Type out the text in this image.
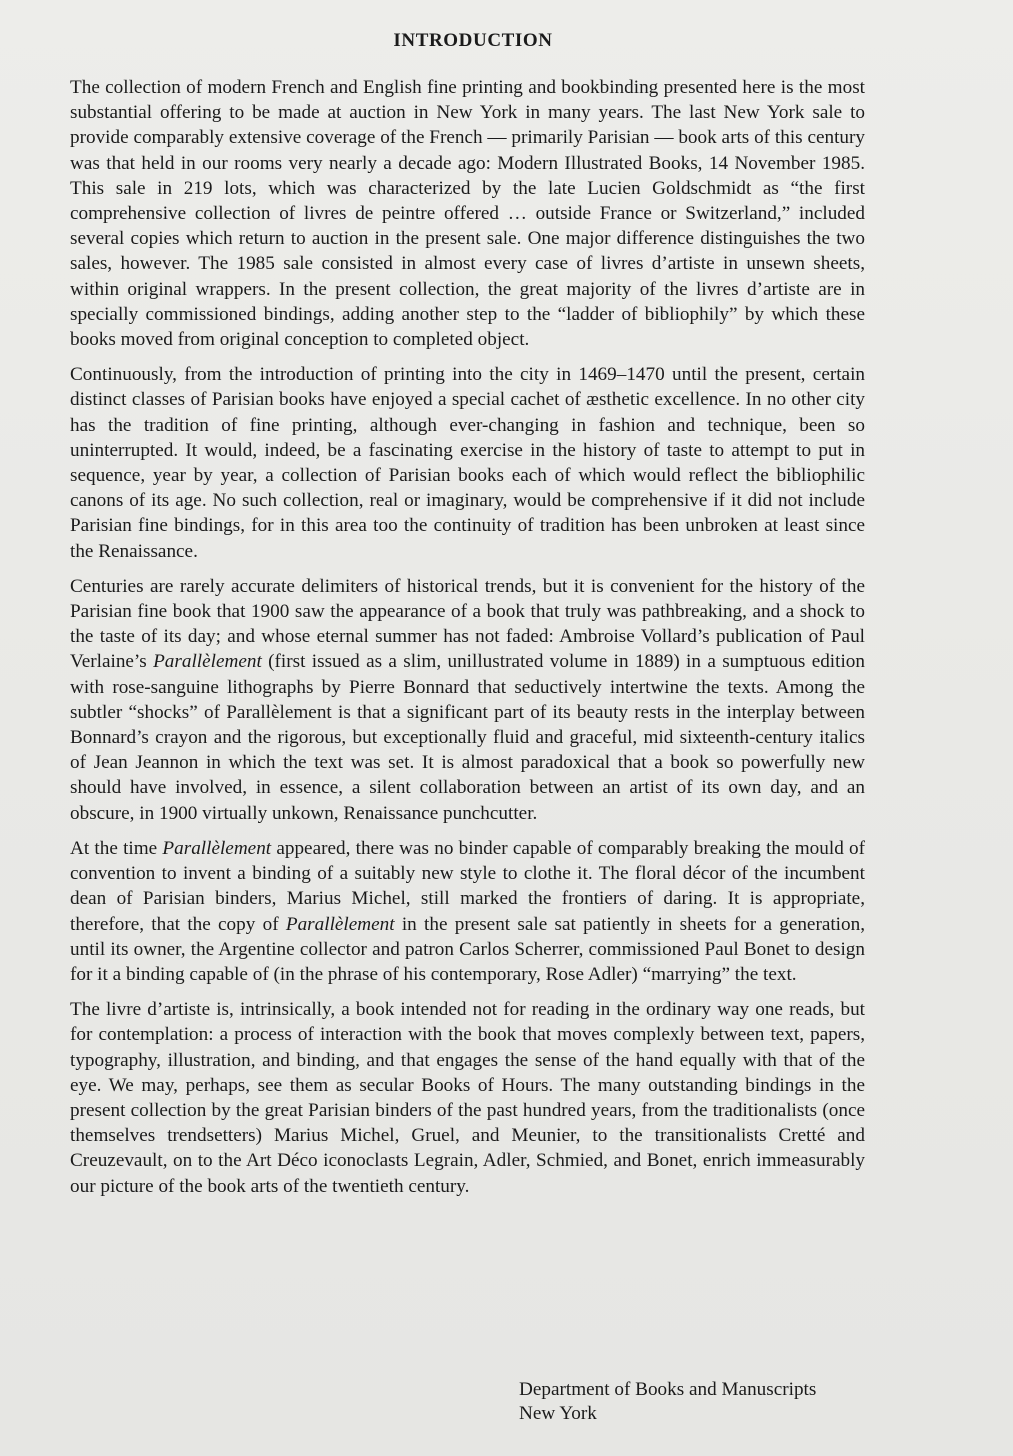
INTRODUCTION

The collection of modern French and English fine printing and bookbinding presented here is the most substantial offering to be made at auction in New York in many years. The last New York sale to provide comparably extensive coverage of the French — primarily Parisian — book arts of this century was that held in our rooms very nearly a decade ago: Modern Illustrated Books, 14 November 1985. This sale in 219 lots, which was characterized by the late Lucien Goldschmidt as “the first comprehensive collection of livres de peintre offered … outside France or Switzerland,” included several copies which return to auction in the present sale. One major difference distinguishes the two sales, however. The 1985 sale consisted in almost every case of livres d’artiste in unsewn sheets, within original wrappers. In the present collection, the great majority of the livres d’artiste are in specially commissioned bindings, adding another step to the “ladder of bibliophily” by which these books moved from original conception to completed object.

Continuously, from the introduction of printing into the city in 1469–1470 until the present, certain distinct classes of Parisian books have enjoyed a special cachet of æsthetic excellence. In no other city has the tradition of fine printing, although ever-changing in fashion and technique, been so uninterrupted. It would, indeed, be a fascinating exercise in the history of taste to attempt to put in sequence, year by year, a collection of Parisian books each of which would reflect the bibliophilic canons of its age. No such collection, real or imaginary, would be comprehensive if it did not include Parisian fine bindings, for in this area too the continuity of tradition has been unbroken at least since the Renaissance.

Centuries are rarely accurate delimiters of historical trends, but it is convenient for the history of the Parisian fine book that 1900 saw the appearance of a book that truly was pathbreaking, and a shock to the taste of its day; and whose eternal summer has not faded: Ambroise Vollard’s publication of Paul Verlaine’s Parallèlement (first issued as a slim, unillustrated volume in 1889) in a sumptuous edition with rose-sanguine lithographs by Pierre Bonnard that seductively intertwine the texts. Among the subtler “shocks” of Parallèlement is that a significant part of its beauty rests in the interplay between Bonnard’s crayon and the rigorous, but exceptionally fluid and graceful, mid sixteenth-century italics of Jean Jeannon in which the text was set. It is almost paradoxical that a book so powerfully new should have involved, in essence, a silent collaboration between an artist of its own day, and an obscure, in 1900 virtually unkown, Renaissance punchcutter.

At the time Parallèlement appeared, there was no binder capable of comparably breaking the mould of convention to invent a binding of a suitably new style to clothe it. The floral décor of the incumbent dean of Parisian binders, Marius Michel, still marked the frontiers of daring. It is appropriate, therefore, that the copy of Parallèlement in the present sale sat patiently in sheets for a generation, until its owner, the Argentine collector and patron Carlos Scherrer, commissioned Paul Bonet to design for it a binding capable of (in the phrase of his contemporary, Rose Adler) “marrying” the text.

The livre d’artiste is, intrinsically, a book intended not for reading in the ordinary way one reads, but for contemplation: a process of interaction with the book that moves complexly between text, papers, typography, illustration, and binding, and that engages the sense of the hand equally with that of the eye. We may, perhaps, see them as secular Books of Hours. The many outstanding bindings in the present collection by the great Parisian binders of the past hundred years, from the traditionalists (once themselves trendsetters) Marius Michel, Gruel, and Meunier, to the transitionalists Cretté and Creuzevault, on to the Art Déco iconoclasts Legrain, Adler, Schmied, and Bonet, enrich immeasurably our picture of the book arts of the twentieth century.

Department of Books and Manuscripts
New York
